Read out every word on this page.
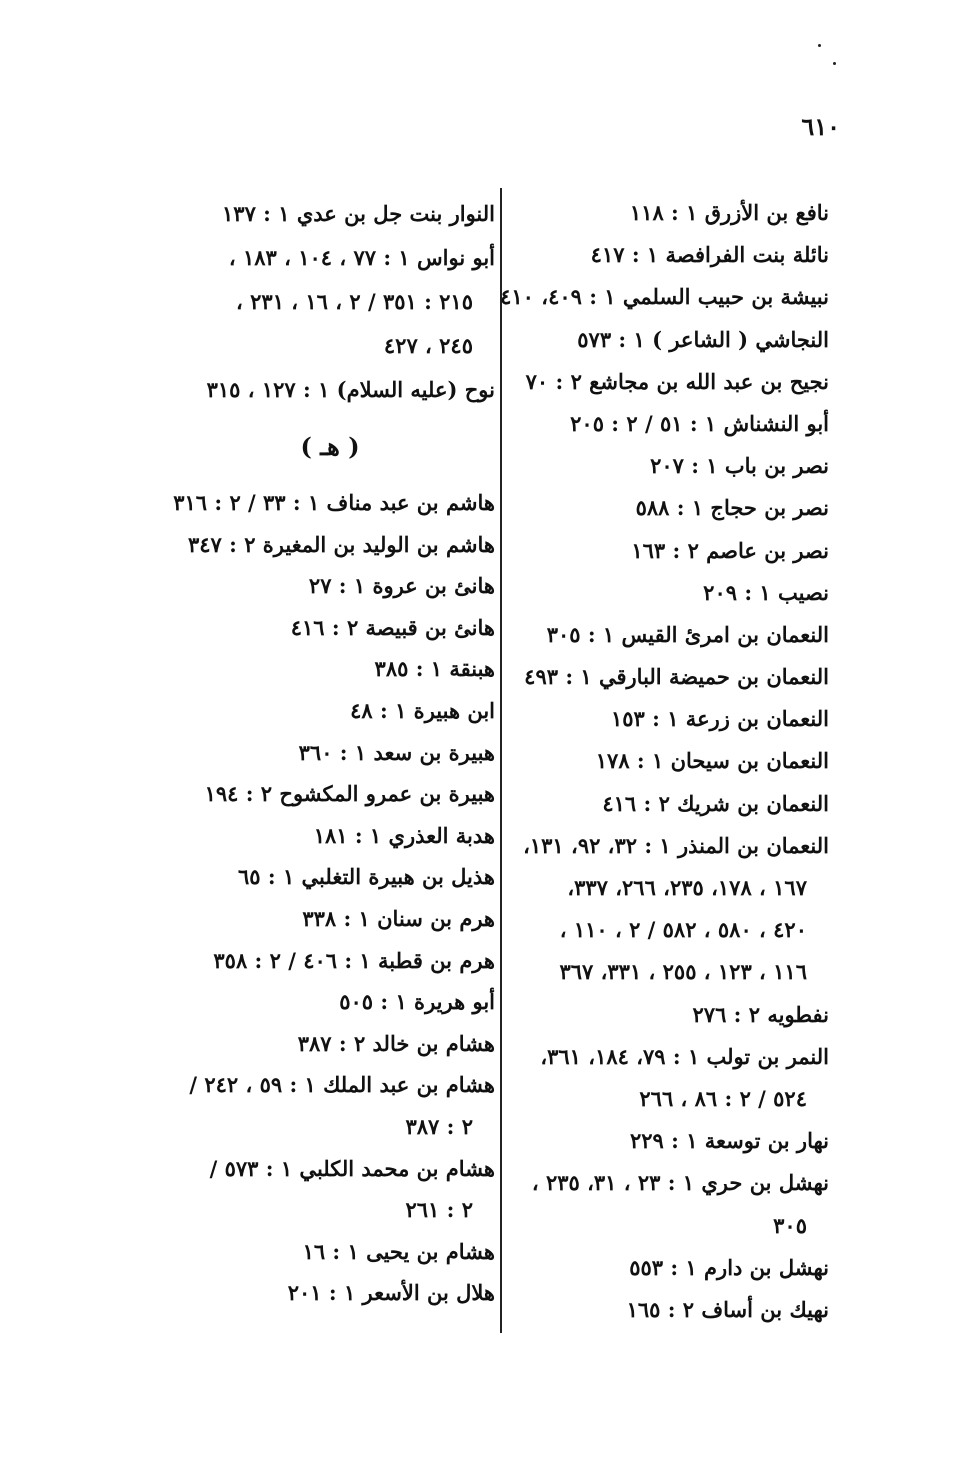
٦١٠
نافع بن الأزرق ١ : ١١٨
نائلة بنت الفرافصة ١ : ٤١٧
نبيشة بن حبيب السلمي ١ : ٤٠٩، ٤١٠
النجاشي ( الشاعر ) ١ : ٥٧٣
نجيح بن عبد الله بن مجاشع ٢ : ٧٠
أبو النشناش ١ : ٥١ / ٢ : ٢٠٥
نصر بن باب ١ : ٢٠٧
نصر بن حجاج ١ : ٥٨٨
نصر بن عاصم ٢ : ١٦٣
نصيب ١ : ٢٠٩
النعمان بن امرئ القيس ١ : ٣٠٥
النعمان بن حميضة البارقي ١ : ٤٩٣
النعمان بن زرعة ١ : ١٥٣
النعمان بن سيحان ١ : ١٧٨
النعمان بن شريك ٢ : ٤١٦
النعمان بن المنذر ١ : ٣٢، ٩٢، ١٣١،
١٦٧ ، ١٧٨، ٢٣٥، ٢٦٦، ٣٣٧،
٤٢٠ ، ٥٨٠ ، ٥٨٢ / ٢ ، ١١٠ ،
١١٦ ، ١٢٣ ، ٢٥٥ ، ٣٣١، ٣٦٧
نفطويه ٢ : ٢٧٦
النمر بن تولب ١ : ٧٩، ١٨٤، ٣٦١،
٥٢٤ / ٢ : ٨٦ ، ٢٦٦
نهار بن توسعة ١ : ٢٢٩
نهشل بن حري ١ : ٢٣ ، ٣١، ٢٣٥ ،
٣٠٥
نهشل بن دارم ١ : ٥٥٣
نهيك بن أساف ٢ : ١٦٥
النوار بنت جل بن عدي ١ : ١٣٧
أبو نواس ١ : ٧٧ ، ١٠٤ ، ١٨٣ ،
٢١٥ : ٣٥١ / ٢ ، ١٦ ، ٢٣١ ،
٢٤٥ ، ٤٢٧
نوح (عليه السلام) ١ : ١٢٧ ، ٣١٥
( هـ )
هاشم بن عبد مناف ١ : ٣٣ / ٢ : ٣١٦
هاشم بن الوليد بن المغيرة ٢ : ٣٤٧
هانئ بن عروة ١ : ٢٧
هانئ بن قبيصة ٢ : ٤١٦
هبنقة ١ : ٣٨٥
ابن هبيرة ١ : ٤٨
هبيرة بن سعد ١ : ٣٦٠
هبيرة بن عمرو المكشوح ٢ : ١٩٤
هدبة العذري ١ : ١٨١
هذيل بن هبيرة التغلبي ١ : ٦٥
هرم بن سنان ١ : ٣٣٨
هرم بن قطبة ١ : ٤٠٦ / ٢ : ٣٥٨
أبو هريرة ١ : ٥٠٥
هشام بن خالد ٢ : ٣٨٧
هشام بن عبد الملك ١ : ٥٩ ، ٢٤٢ /
٢ : ٣٨٧
هشام بن محمد الكلبي ١ : ٥٧٣ /
٢ : ٢٦١
هشام بن يحيى ١ : ١٦
هلال بن الأسعر ١ : ٢٠١
